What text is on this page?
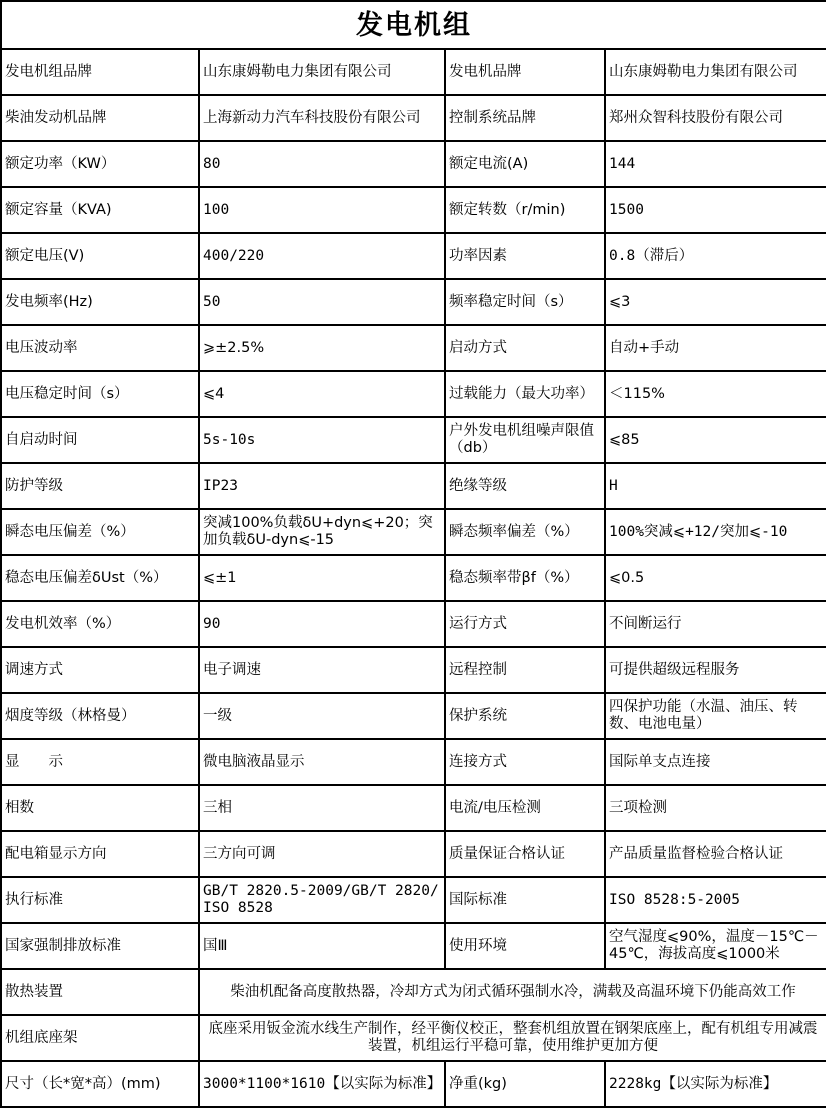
发电机组			
发电机组品牌	山东康姆勒电力集团有限公司	发电机品牌	山东康姆勒电力集团有限公司
柴油发动机品牌	上海新动力汽车科技股份有限公司	控制系统品牌	郑州众智科技股份有限公司
额定功率（KW）	80	额定电流(A)	144
额定容量（KVA)	100	额定转数（r/min)	1500
额定电压(V)	400/220	功率因素	0.8（滞后）
发电频率(Hz)	50	频率稳定时间（s）	⩽3
电压波动率	⩾±2.5%	启动方式	自动+手动
电压稳定时间（s）	⩽4	过载能力（最大功率）	＜115%
自启动时间	5s-10s	户外发电机组噪声限值（db）	⩽85
防护等级	IP23	绝缘等级	H
瞬态电压偏差（%）	突减100%负载δU+dyn⩽+20；突加负载δU-dyn⩽-15	瞬态频率偏差（%）	100%突减⩽+12/突加⩽-10
稳态电压偏差δUst（%）	⩽±1	稳态频率带βf（%）	⩽0.5
发电机效率（%）	90	运行方式	不间断运行
调速方式	电子调速	远程控制	可提供超级远程服务
烟度等级（林格曼）	一级	保护系统	四保护功能（水温、油压、转数、电池电量）
显　　示	微电脑液晶显示	连接方式	国际单支点连接
相数	三相	电流/电压检测	三项检测
配电箱显示方向	三方向可调	质量保证合格认证	产品质量监督检验合格认证
执行标准	GB/T 2820.5-2009/GB/T 2820/ISO 8528	国际标准	ISO 8528:5-2005
国家强制排放标准	国Ⅲ	使用环境	空气湿度⩽90%，温度－15℃－45℃，海拔高度⩽1000米
散热装置	柴油机配备高度散热器，冷却方式为闭式循环强制水冷，满载及高温环境下仍能高效工作		
机组底座架	底座采用钣金流水线生产制作，经平衡仪校正，整套机组放置在钢架底座上，配有机组专用减震装置，机组运行平稳可靠，使用维护更加方便		
尺寸（长*宽*高）(mm)	3000*1100*1610【以实际为标准】	净重(kg)	2228kg【以实际为标准】
